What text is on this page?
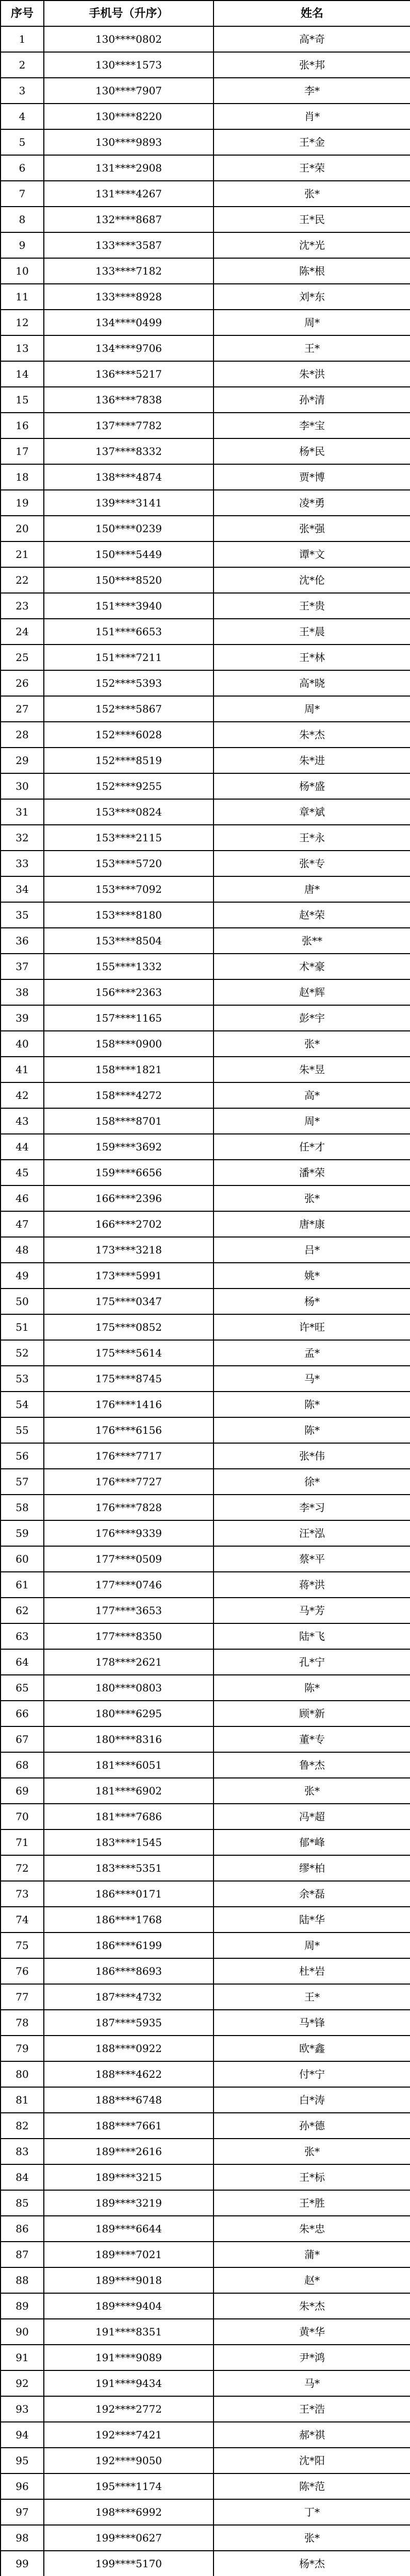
序号	手机号（升序）	姓名
1	130****0802	高*奇
2	130****1573	张*邦
3	130****7907	李*
4	130****8220	肖*
5	130****9893	王*金
6	131****2908	王*荣
7	131****4267	张*
8	132****8687	王*民
9	133****3587	沈*光
10	133****7182	陈*根
11	133****8928	刘*东
12	134****0499	周*
13	134****9706	王*
14	136****5217	朱*洪
15	136****7838	孙*清
16	137****7782	李*宝
17	137****8332	杨*民
18	138****4874	贾*博
19	139****3141	凌*勇
20	150****0239	张*强
21	150****5449	谭*文
22	150****8520	沈*伦
23	151****3940	王*贵
24	151****6653	王*晨
25	151****7211	王*林
26	152****5393	高*晓
27	152****5867	周*
28	152****6028	朱*杰
29	152****8519	朱*进
30	152****9255	杨*盛
31	153****0824	章*斌
32	153****2115	王*永
33	153****5720	张*专
34	153****7092	唐*
35	153****8180	赵*荣
36	153****8504	张**
37	155****1332	术*豪
38	156****2363	赵*辉
39	157****1165	彭*宇
40	158****0900	张*
41	158****1821	朱*昱
42	158****4272	高*
43	158****8701	周*
44	159****3692	任*才
45	159****6656	潘*荣
46	166****2396	张*
47	166****2702	唐*康
48	173****3218	吕*
49	173****5991	姚*
50	175****0347	杨*
51	175****0852	许*旺
52	175****5614	孟*
53	175****8745	马*
54	176****1416	陈*
55	176****6156	陈*
56	176****7717	张*伟
57	176****7727	徐*
58	176****7828	李*习
59	176****9339	汪*泓
60	177****0509	蔡*平
61	177****0746	蒋*洪
62	177****3653	马*芳
63	177****8350	陆*飞
64	178****2621	孔*宁
65	180****0803	陈*
66	180****6295	顾*新
67	180****8316	董*专
68	181****6051	鲁*杰
69	181****6902	张*
70	181****7686	冯*超
71	183****1545	郁*峰
72	183****5351	缪*柏
73	186****0171	余*磊
74	186****1768	陆*华
75	186****6199	周*
76	186****8693	杜*岩
77	187****4732	王*
78	187****5935	马*锋
79	188****0922	欧*鑫
80	188****4622	付*宁
81	188****6748	白*涛
82	188****7661	孙*德
83	189****2616	张*
84	189****3215	王*标
85	189****3219	王*胜
86	189****6644	朱*忠
87	189****7021	蒲*
88	189****9018	赵*
89	189****9404	朱*杰
90	191****8351	黄*华
91	191****9089	尹*鸿
92	191****9434	马*
93	192****2772	王*浩
94	192****7421	郝*祺
95	192****9050	沈*阳
96	195****1174	陈*范
97	198****6992	丁*
98	199****0627	张*
99	199****5170	杨*杰
